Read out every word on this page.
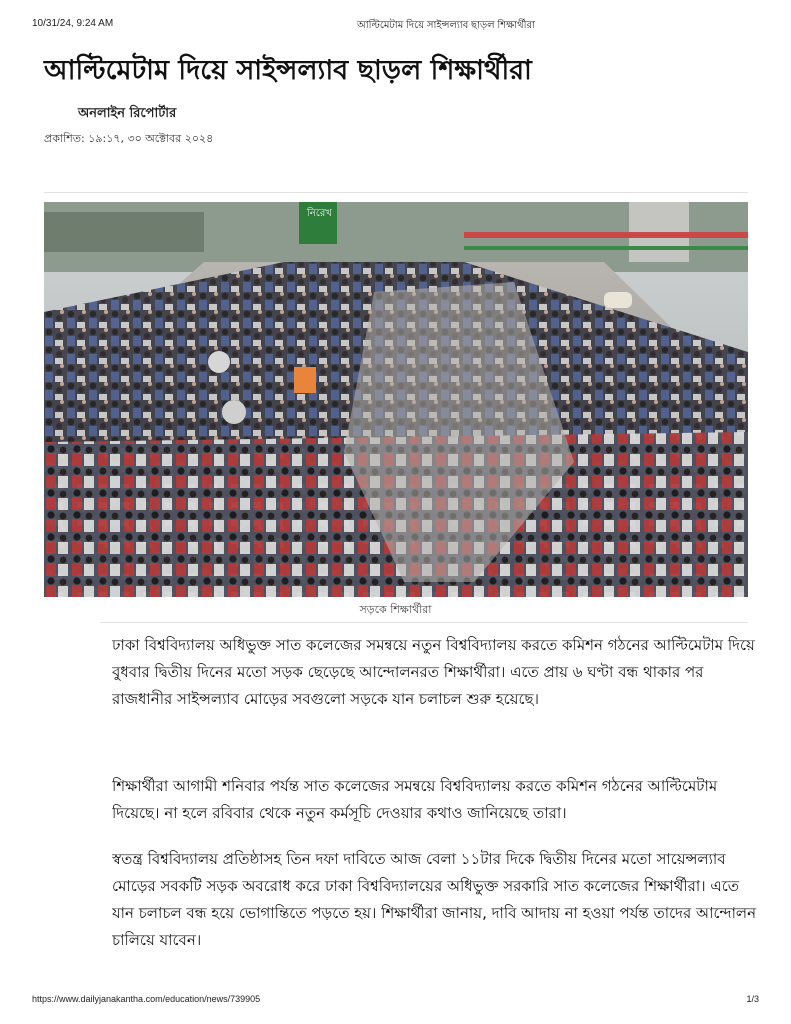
10/31/24, 9:24 AM	আল্টিমেটাম দিয়ে সাইন্সল্যাব ছাড়ল শিক্ষার্থীরা
আল্টিমেটাম দিয়ে সাইন্সল্যাব ছাড়ল শিক্ষার্থীরা
অনলাইন রিপোর্টার
প্রকাশিত: ১৯:১৭, ৩০ অক্টোবর ২০২৪
নিরেখ
সড়কে শিক্ষার্থীরা

ঢাকা বিশ্ববিদ্যালয় অধিভুক্ত সাত কলেজের সমন্বয়ে নতুন বিশ্ববিদ্যালয় করতে কমিশন গঠনের আল্টিমেটাম দিয়ে বুধবার দ্বিতীয় দিনের মতো সড়ক ছেড়েছে আন্দোলনরত শিক্ষার্থীরা। এতে প্রায় ৬ ঘণ্টা বন্ধ থাকার পর রাজধানীর সাইন্সল্যাব মোড়ের সবগুলো সড়কে যান চলাচল শুরু হয়েছে।

শিক্ষার্থীরা আগামী শনিবার পর্যন্ত সাত কলেজের সমন্বয়ে বিশ্ববিদ্যালয় করতে কমিশন গঠনের আল্টিমেটাম দিয়েছে। না হলে রবিবার থেকে নতুন কর্মসূচি দেওয়ার কথাও জানিয়েছে তারা।

স্বতন্ত্র বিশ্ববিদ্যালয় প্রতিষ্ঠাসহ তিন দফা দাবিতে আজ বেলা ১১টার দিকে দ্বিতীয় দিনের মতো সায়েন্সল্যাব মোড়ের সবকটি সড়ক অবরোধ করে ঢাকা বিশ্ববিদ্যালয়ের অধিভুক্ত সরকারি সাত কলেজের শিক্ষার্থীরা। এতে যান চলাচল বন্ধ হয়ে ভোগান্তিতে পড়তে হয়। শিক্ষার্থীরা জানায়, দাবি আদায় না হওয়া পর্যন্ত তাদের আন্দোলন চালিয়ে যাবেন।

https://www.dailyjanakantha.com/education/news/739905	1/3
